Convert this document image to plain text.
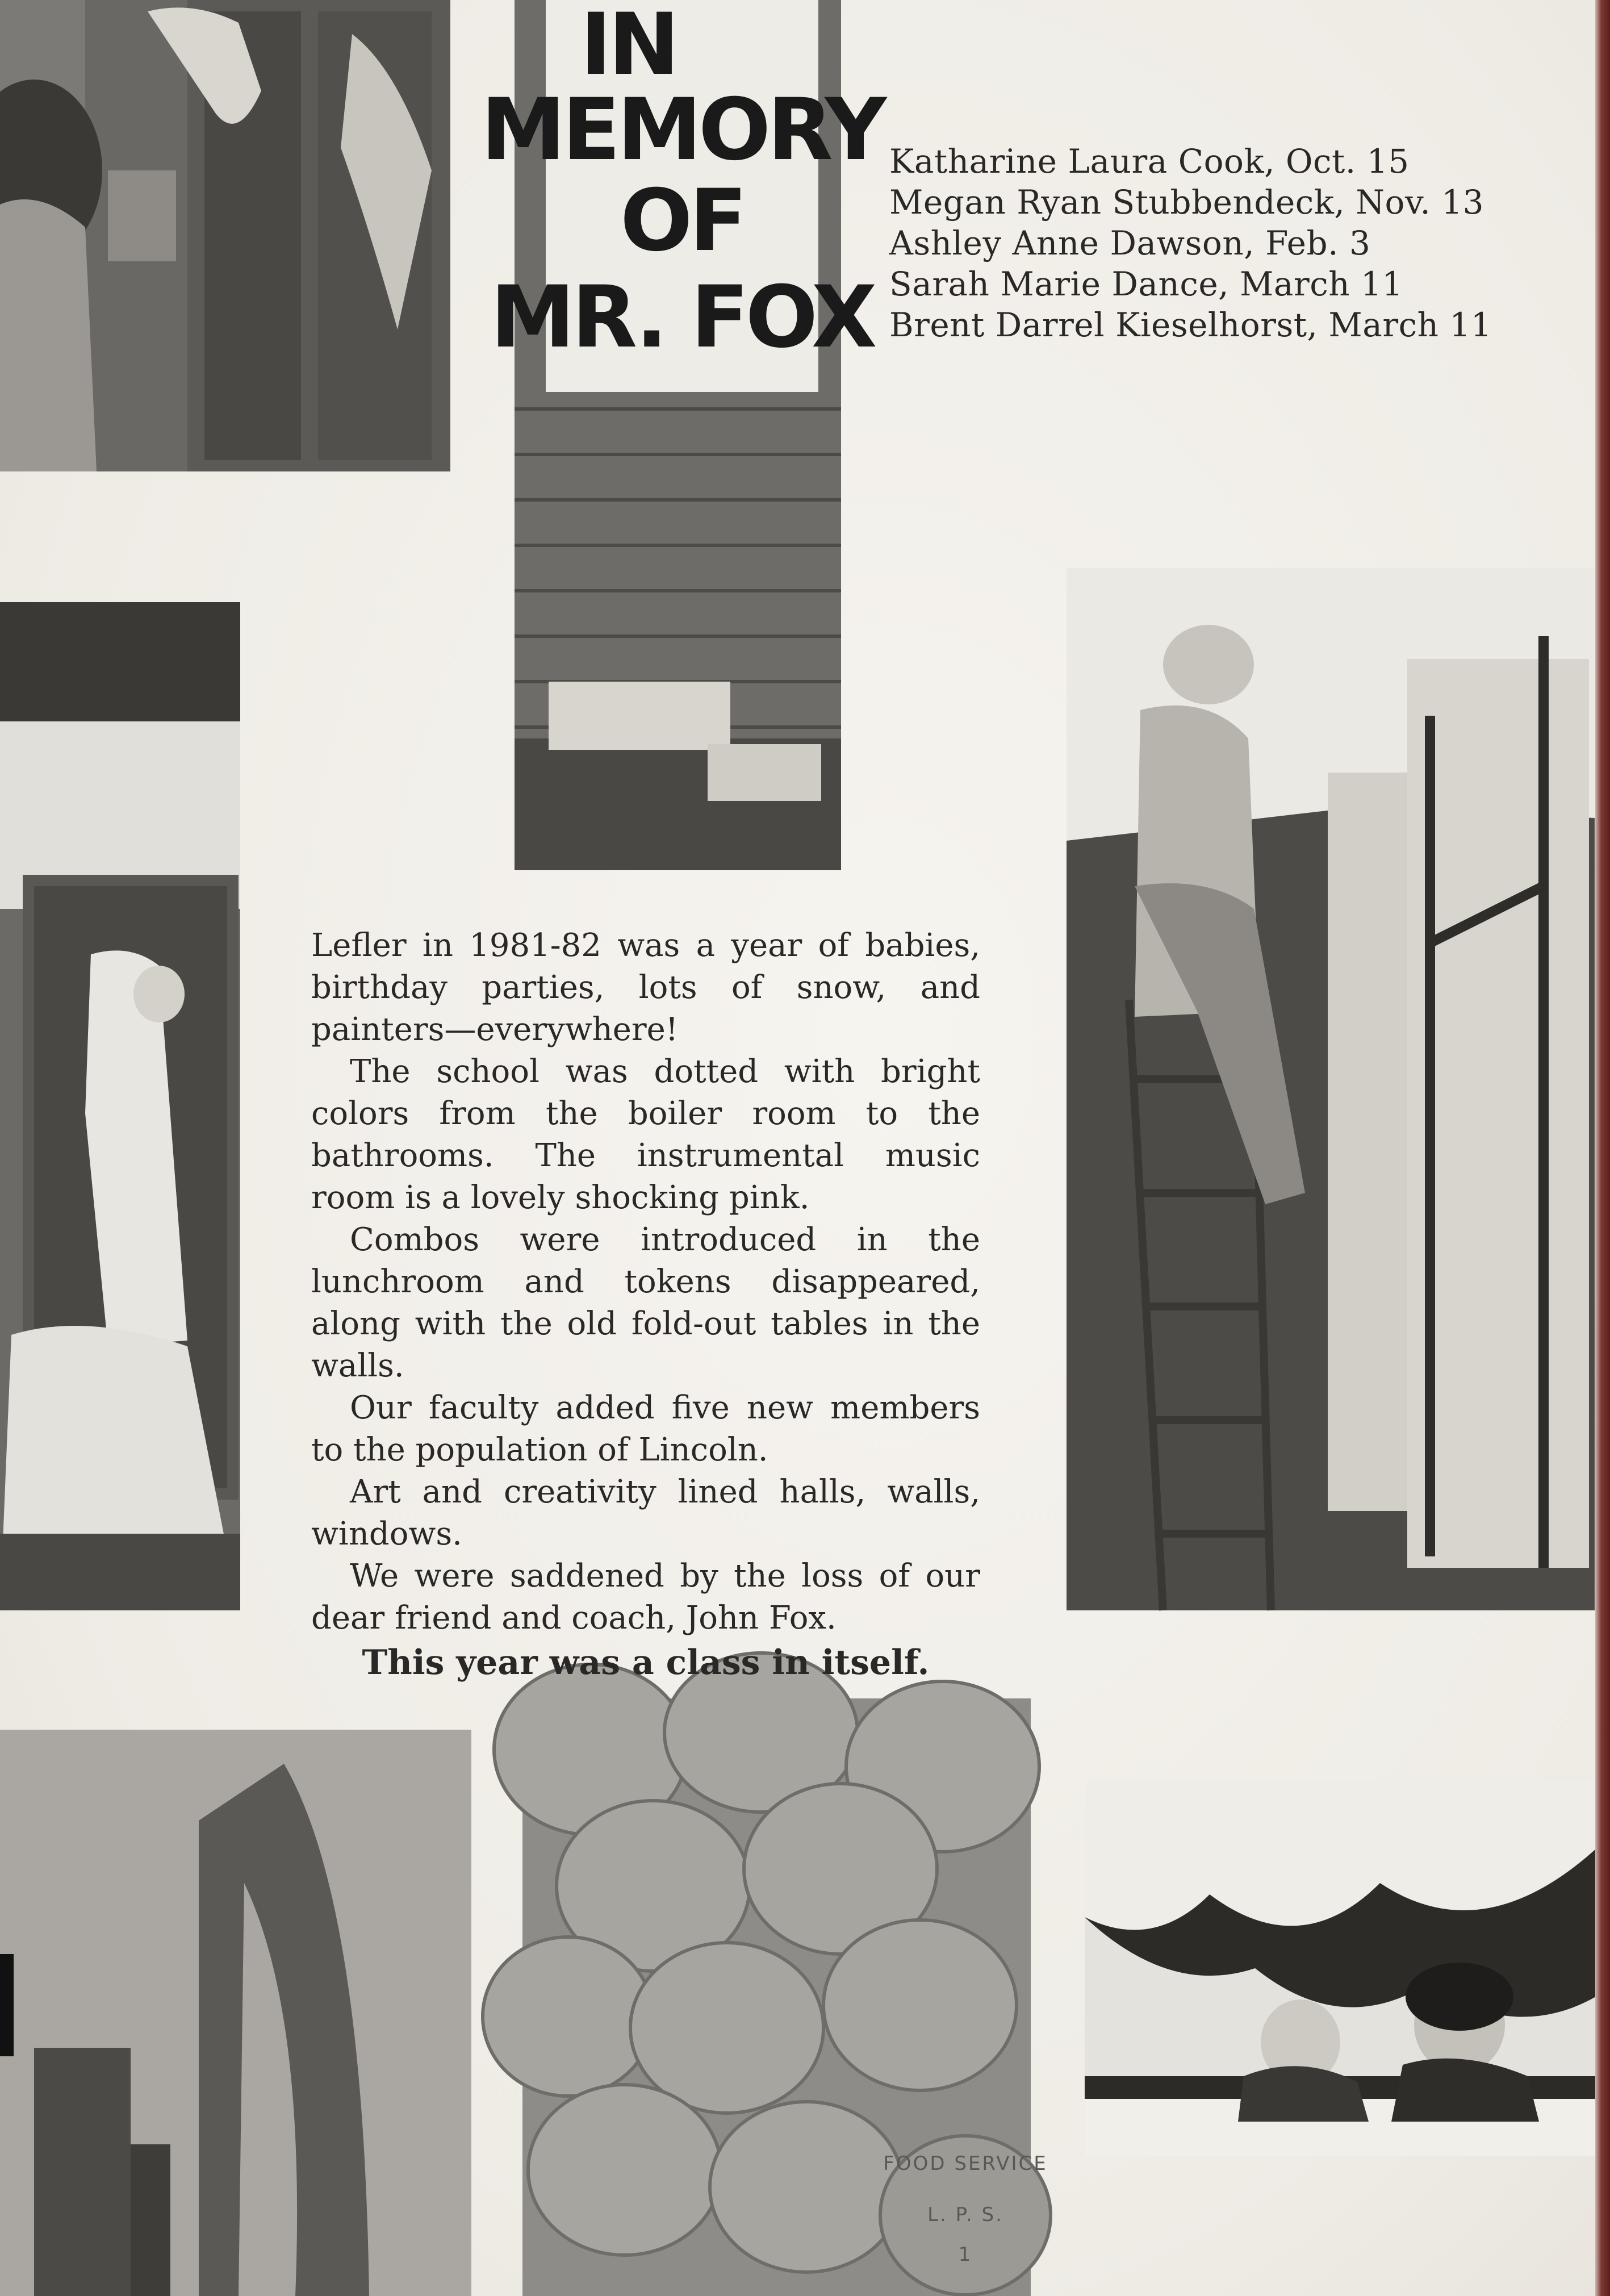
IN
MEMORY
OF
MR. FOX
FOOD SERVICE
L. P. S.
1
Katharine Laura Cook, Oct. 15
Megan Ryan Stubbendeck, Nov. 13
Ashley Anne Dawson, Feb. 3
Sarah Marie Dance, March 11
Brent Darrel Kieselhorst, March 11

Lefler in 1981-82 was a year of babies, birthday parties, lots of snow, and painters—everywhere!

The school was dotted with bright colors from the boiler room to the bathrooms. The instrumental music room is a lovely shocking pink.

Combos were introduced in the lunchroom and tokens disappeared, along with the old fold-out tables in the walls.

Our faculty added five new members to the population of Lincoln.

Art and creativity lined halls, walls, windows.

We were saddened by the loss of our dear friend and coach, John Fox.

This year was a class in itself.
